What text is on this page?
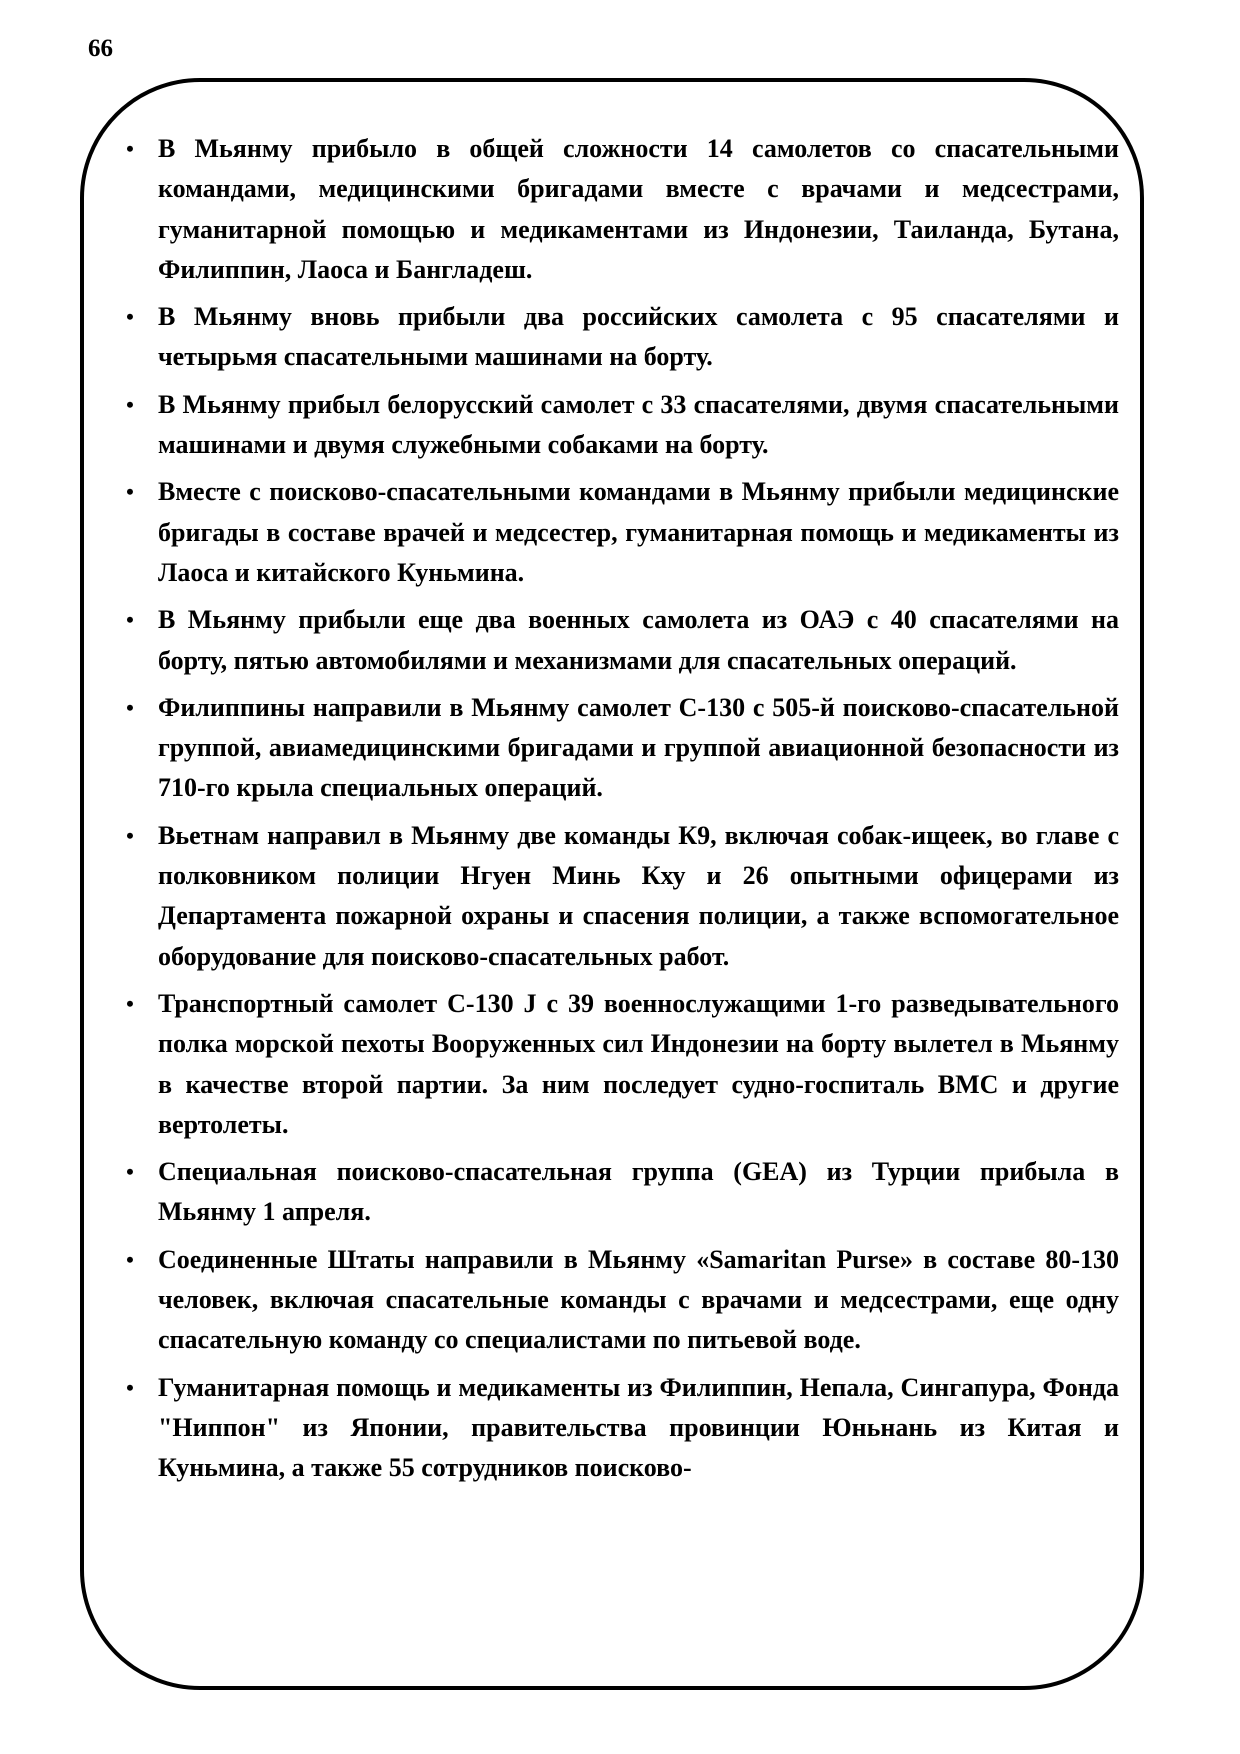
66
• В Мьянму прибыло в общей сложности 14 самолетов со спасательными командами, медицинскими бригадами вместе с врачами и медсестрами, гуманитарной помощью и медикаментами из Индонезии, Таиланда, Бутана, Филиппин, Лаоса и Бангладеш.
• В Мьянму вновь прибыли два российских самолета с 95 спасателями и четырьмя спасательными машинами на борту.
• В Мьянму прибыл белорусский самолет с 33 спасателями, двумя спасательными машинами и двумя служебными собаками на борту.
• Вместе с поисково-спасательными командами в Мьянму прибыли медицинские бригады в составе врачей и медсестер, гуманитарная помощь и медикаменты из Лаоса и китайского Куньмина.
• В Мьянму прибыли еще два военных самолета из ОАЭ с 40 спасателями на борту, пятью автомобилями и механизмами для спасательных операций.
• Филиппины направили в Мьянму самолет C-130 с 505-й поисково-спасательной группой, авиамедицинскими бригадами и группой авиационной безопасности из 710-го крыла специальных операций.
• Вьетнам направил в Мьянму две команды К9, включая собак-ищеек, во главе с полковником полиции Нгуен Минь Кху и 26 опытными офицерами из Департамента пожарной охраны и спасения полиции, а также вспомогательное оборудование для поисково-спасательных работ.
• Транспортный самолет C-130 J с 39 военнослужащими 1-го разведывательного полка морской пехоты Вооруженных сил Индонезии на борту вылетел в Мьянму в качестве второй партии. За ним последует судно-госпиталь ВМС и другие вертолеты.
• Специальная поисково-спасательная группа (GEA) из Турции прибыла в Мьянму 1 апреля.
• Соединенные Штаты направили в Мьянму «Samaritan Purse» в составе 80-130 человек, включая спасательные команды с врачами и медсестрами, еще одну спасательную команду со специалистами по питьевой воде.
• Гуманитарная помощь и медикаменты из Филиппин, Непала, Сингапура, Фонда "Ниппон" из Японии, правительства провинции Юньнань из Китая и Куньмина, а также 55 сотрудников поисково-
